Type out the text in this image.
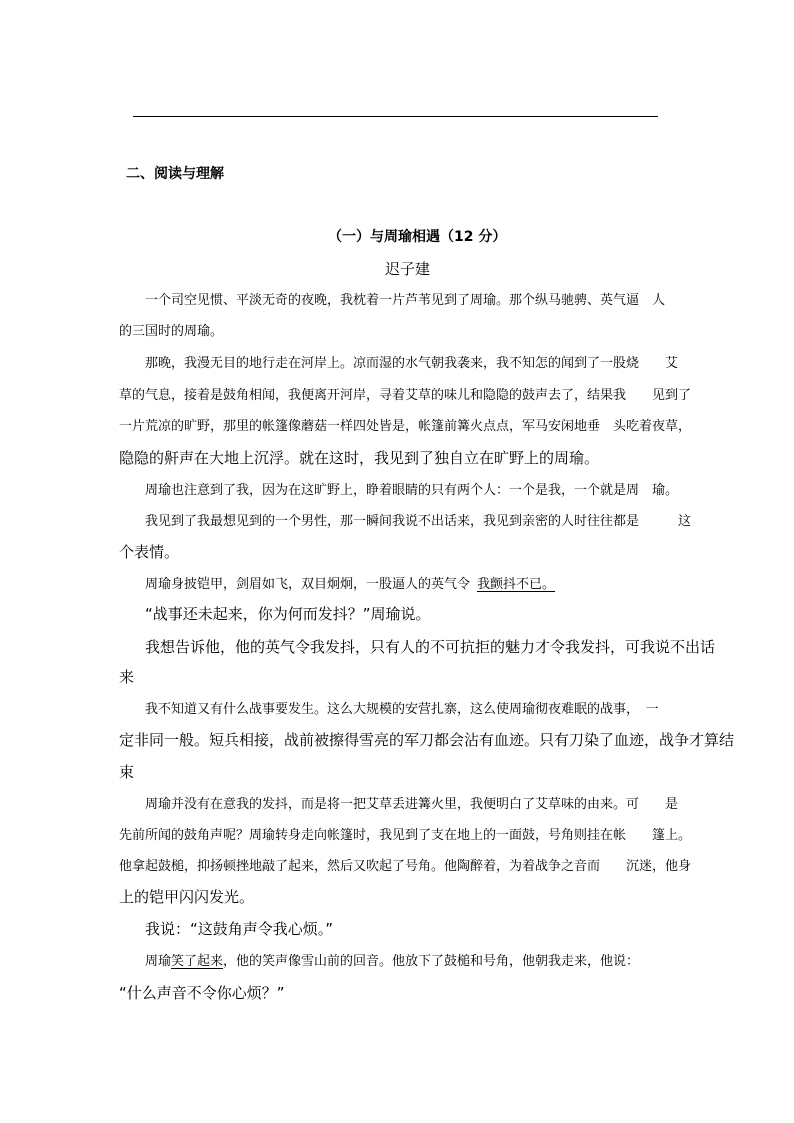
二、阅读与理解
（一）与周瑜相遇（12 分）
迟子建
一个司空见惯、平淡无奇的夜晚，我枕着一片芦苇见到了周瑜。那个纵马驰骋、英气逼　人
的三国时的周瑜。
那晚，我漫无目的地行走在河岸上。凉而湿的水气朝我袭来，我不知怎的闻到了一股烧　　艾
草的气息，接着是鼓角相闻，我便离开河岸，寻着艾草的味儿和隐隐的鼓声去了，结果我　　见到了
一片荒凉的旷野，那里的帐篷像蘑菇一样四处皆是，帐篷前篝火点点，军马安闲地垂　头吃着夜草，
隐隐的鼾声在大地上沉浮。就在这时，我见到了独自立在旷野上的周瑜。
周瑜也注意到了我，因为在这旷野上，睁着眼睛的只有两个人：一个是我，一个就是周　瑜。
我见到了我最想见到的一个男性，那一瞬间我说不出话来，我见到亲密的人时往往都是　　　这
个表情。
周瑜身披铠甲，剑眉如飞，双目炯炯，一股逼人的英气令　
我颤抖不已。
“战事还未起来，你为何而发抖？”周瑜说。
我想告诉他，他的英气令我发抖，只有人的不可抗拒的魅力才令我发抖，可我说不出话
来
我不知道又有什么战事要发生。这么大规模的安营扎寨，这么使周瑜彻夜难眠的战事，　一
定非同一般。短兵相接，战前被擦得雪亮的军刀都会沾有血迹。只有刀染了血迹，战争才算结
束
周瑜并没有在意我的发抖，而是将一把艾草丢进篝火里，我便明白了艾草味的由来。可　　是
先前所闻的鼓角声呢？周瑜转身走向帐篷时，我见到了支在地上的一面鼓，号角则挂在帐　　篷上。
他拿起鼓槌，抑扬顿挫地敲了起来，然后又吹起了号角。他陶醉着，为着战争之音而　　沉迷，他身
上的铠甲闪闪发光。
我说：“这鼓角声令我心烦。”
周瑜 笑了起来 ，他的笑声像雪山前的回音。他放下了鼓槌和号角，他朝我走来，他说：
“什么声音不令你心烦？”
